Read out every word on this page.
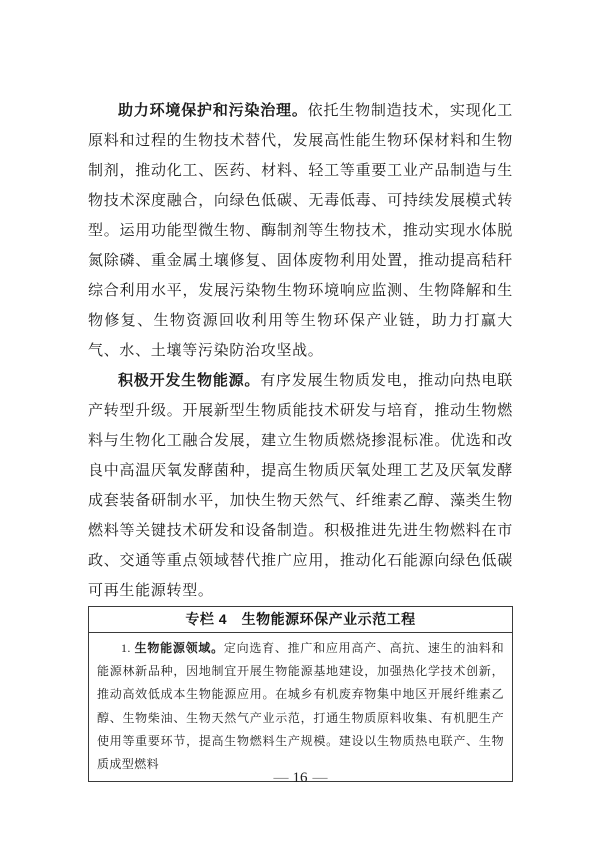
助力环境保护和污染治理。依托生物制造技术，实现化工原料和过程的生物技术替代，发展高性能生物环保材料和生物制剂，推动化工、医药、材料、轻工等重要工业产品制造与生物技术深度融合，向绿色低碳、无毒低毒、可持续发展模式转型。运用功能型微生物、酶制剂等生物技术，推动实现水体脱氮除磷、重金属土壤修复、固体废物利用处置，推动提高秸秆综合利用水平，发展污染物生物环境响应监测、生物降解和生物修复、生物资源回收利用等生物环保产业链，助力打赢大气、水、土壤等污染防治攻坚战。

积极开发生物能源。有序发展生物质发电，推动向热电联产转型升级。开展新型生物质能技术研发与培育，推动生物燃料与生物化工融合发展，建立生物质燃烧掺混标准。优选和改良中高温厌氧发酵菌种，提高生物质厌氧处理工艺及厌氧发酵成套装备研制水平，加快生物天然气、纤维素乙醇、藻类生物燃料等关键技术研发和设备制造。积极推进先进生物燃料在市政、交通等重点领域替代推广应用，推动化石能源向绿色低碳可再生能源转型。

专栏 4　生物能源环保产业示范工程

1. 生物能源领域。定向选育、推广和应用高产、高抗、速生的油料和能源林新品种，因地制宜开展生物能源基地建设，加强热化学技术创新，推动高效低成本生物能源应用。在城乡有机废弃物集中地区开展纤维素乙醇、生物柴油、生物天然气产业示范，打通生物质原料收集、有机肥生产使用等重要环节，提高生物燃料生产规模。建设以生物质热电联产、生物质成型燃料

— 16 —
